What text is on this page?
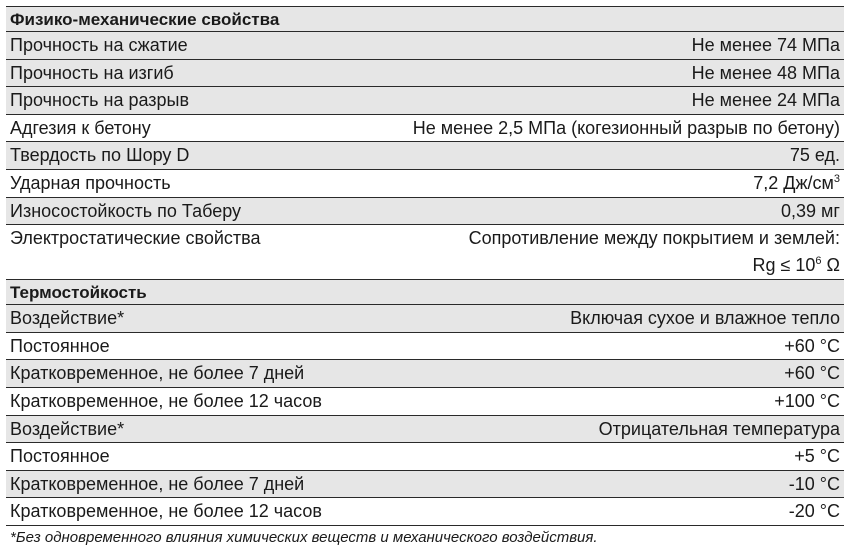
Физико-механические свойства
Прочность на сжатие	Не менее 74 МПа
Прочность на изгиб	Не менее 48 МПа
Прочность на разрыв	Не менее 24 МПа
Адгезия к бетону	Не менее 2,5 МПа (когезионный разрыв по бетону)
Твердость по Шору D	75 ед.
Ударная прочность	7,2 $Дж/см^3$
Износостойкость по Таберу	0,39 мг
Электростатические свойства	Сопротивление между покрытием и землей:
$Rg \le 10^6$ Ω
Термостойкость
Воздействие*	Включая сухое и влажное тепло
Постоянное	+60 °C
Кратковременное, не более 7 дней	+60 °C
Кратковременное, не более 12 часов	+100 °C
Воздействие*	Отрицательная температура
Постоянное	+5 °C
Кратковременное, не более 7 дней	-10 °C
Кратковременное, не более 12 часов	-20 °C
*Без одновременного влияния химических веществ и механического воздействия.
